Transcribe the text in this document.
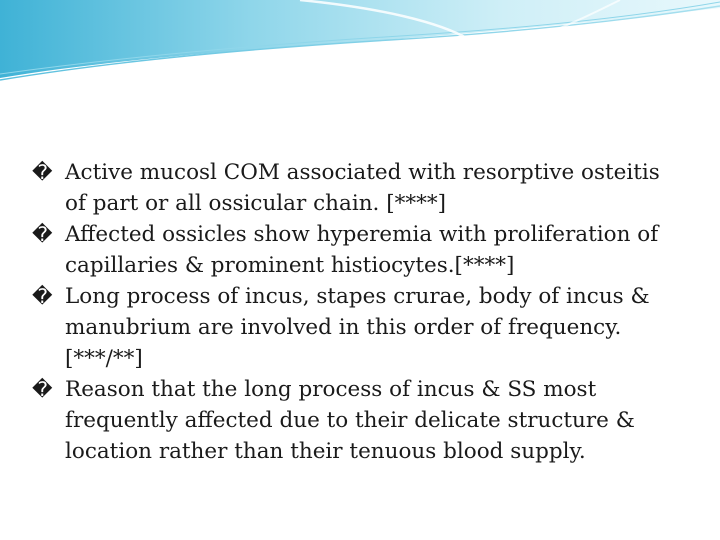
� Active mucosl COM associated with resorptive osteitis of part or all ossicular chain. [****]

� Affected ossicles show hyperemia with proliferation of capillaries & prominent histiocytes.[****]

� Long process of incus, stapes crurae, body of incus & manubrium are involved in this order of frequency. [***/**]

� Reason that the long process of incus & SS most frequently affected due to their delicate structure & location rather than their tenuous blood supply.
